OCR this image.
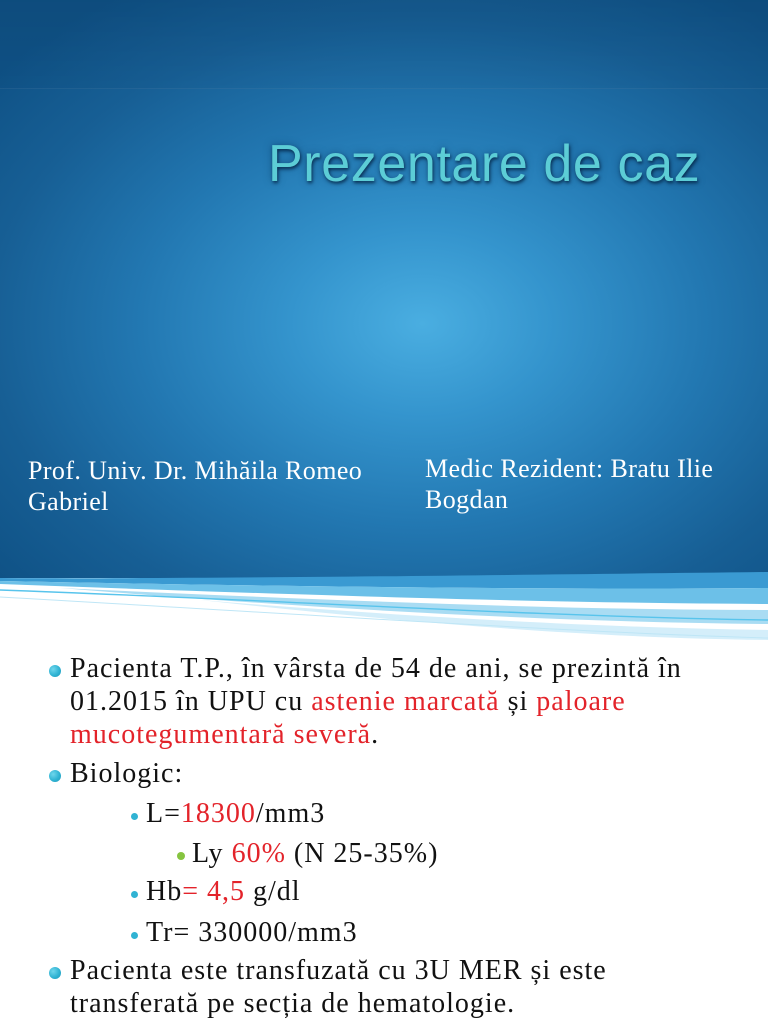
Prezentare de caz
Prof. Univ. Dr. Mihăila Romeo
Gabriel
Medic Rezident: Bratu Ilie
Bogdan
Pacienta T.P., în vârsta de 54 de ani, se prezintă în
01.2015 în UPU cu astenie marcată și paloare
mucotegumentară severă.
Biologic:
L=18300/mm3
Ly 60% (N 25-35%)
Hb= 4,5 g/dl
Tr= 330000/mm3
Pacienta este transfuzată cu 3U MER și este
transferată pe secția de hematologie.
